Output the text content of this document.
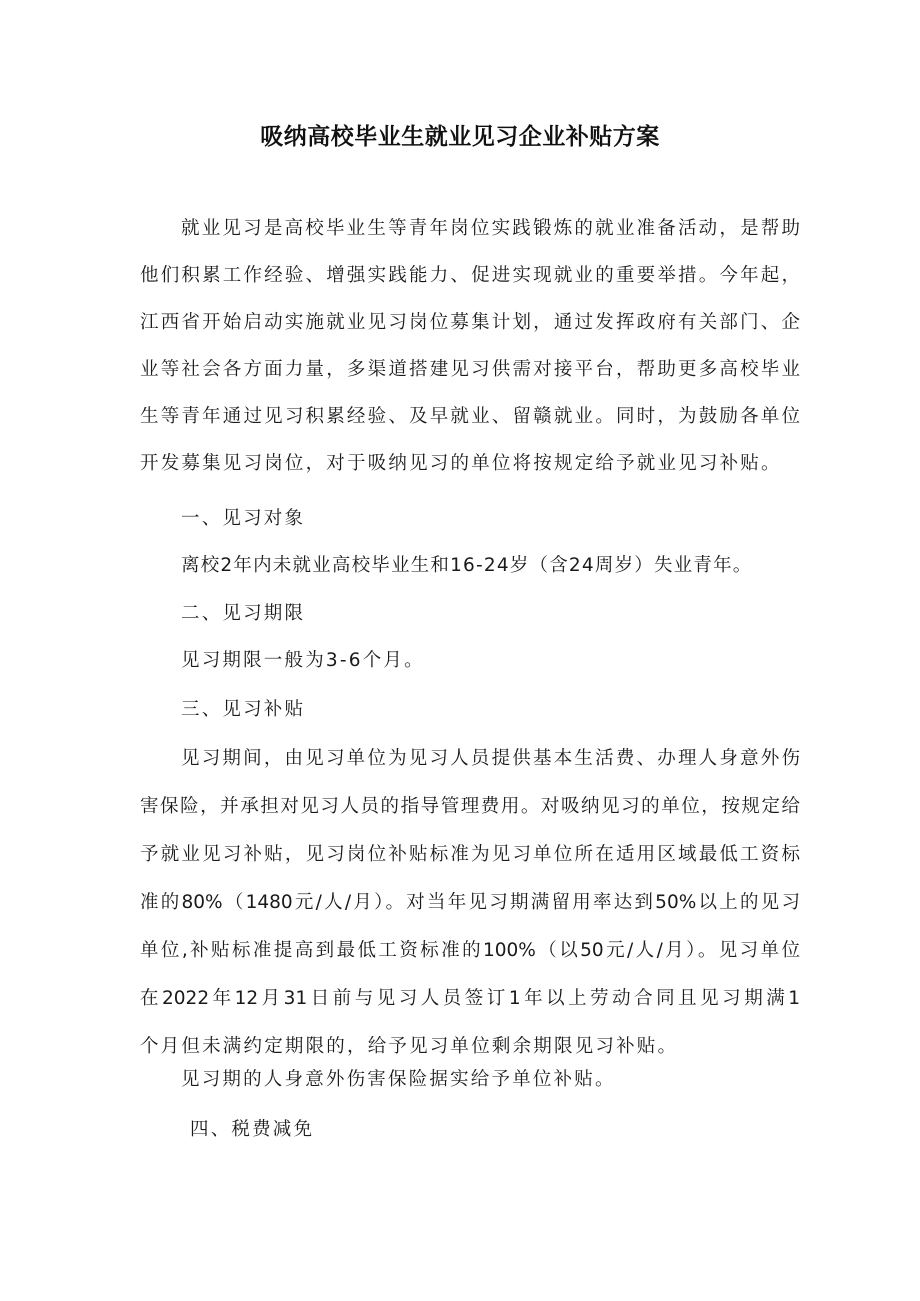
吸纳高校毕业生就业见习企业补贴方案

就业见习是高校毕业生等青年岗位实践锻炼的就业准备活动，是帮助

他们积累工作经验、增强实践能力、促进实现就业的重要举措。今年起，

江西省开始启动实施就业见习岗位募集计划，通过发挥政府有关部门、企

业等社会各方面力量，多渠道搭建见习供需对接平台，帮助更多高校毕业

生等青年通过见习积累经验、及早就业、留赣就业。同时，为鼓励各单位

开发募集见习岗位，对于吸纳见习的单位将按规定给予就业见习补贴。

一、见习对象

离校2年内未就业高校毕业生和16-24岁（含24周岁）失业青年。

二、见习期限

见习期限一般为3-6个月。

三、见习补贴

见习期间，由见习单位为见习人员提供基本生活费、办理人身意外伤

害保险，并承担对见习人员的指导管理费用。对吸纳见习的单位，按规定给

予就业见习补贴，见习岗位补贴标准为见习单位所在适用区域最低工资标

准的80%（1480元/人/月）。对当年见习期满留用率达到50%以上的见习

单位,补贴标准提高到最低工资标准的100%（以50元/人/月）。见习单位

在2022年12月31日前与见习人员签订1年以上劳动合同且见习期满1

个月但未满约定期限的，给予见习单位剩余期限见习补贴。

见习期的人身意外伤害保险据实给予单位补贴。

四、税费减免
